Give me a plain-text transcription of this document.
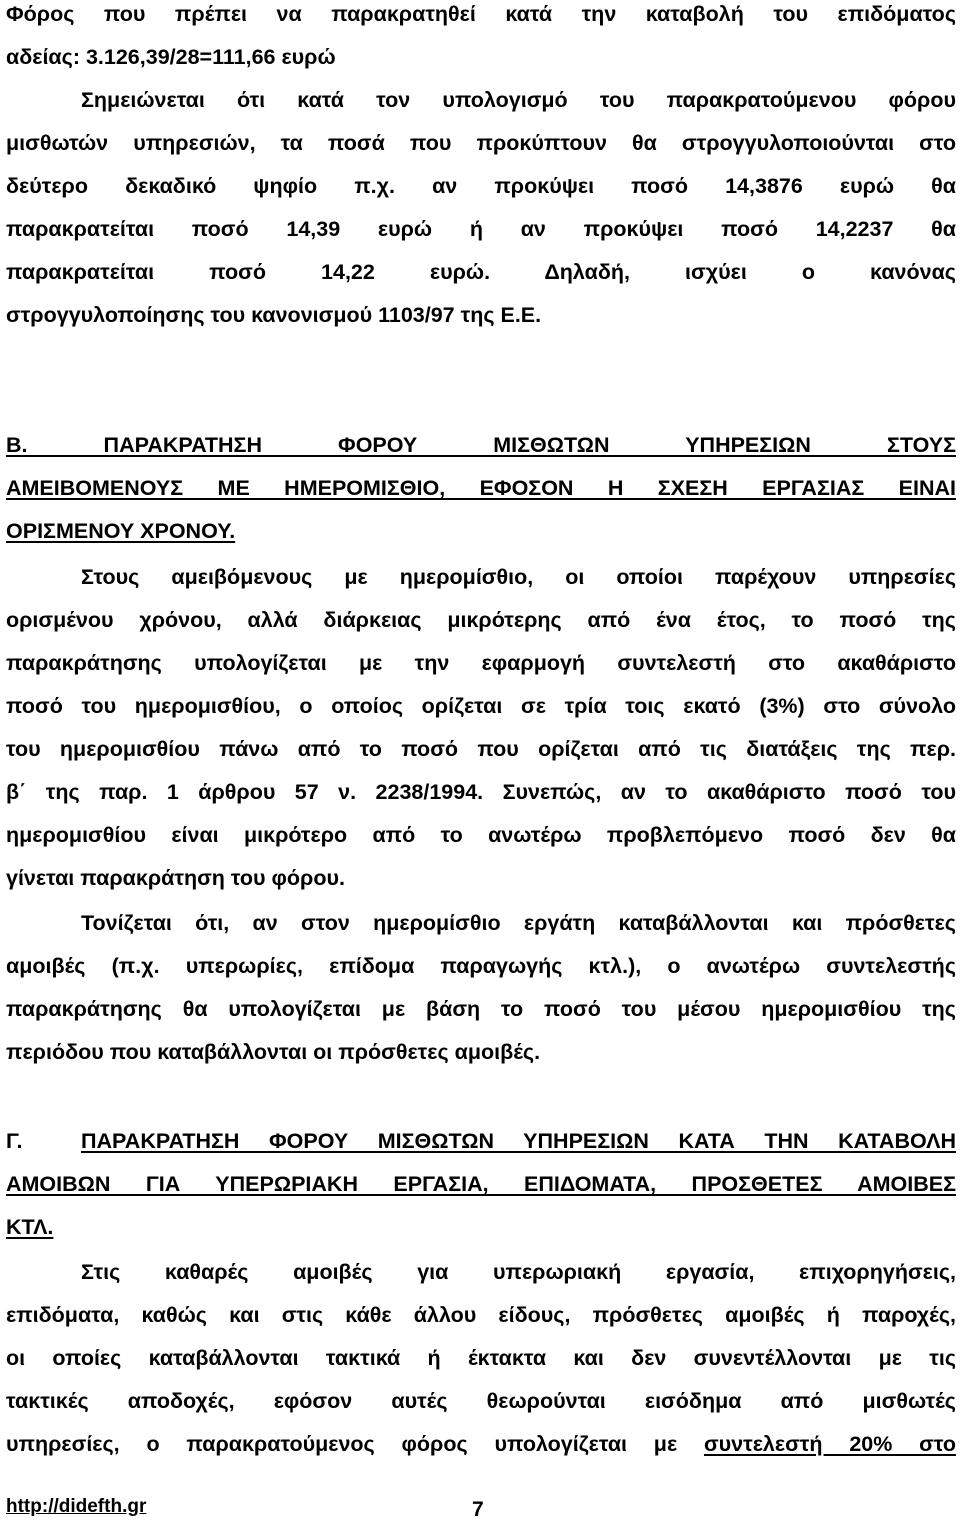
Φόρος που πρέπει να παρακρατηθεί κατά την καταβολή του επιδόματος
αδείας: 3.126,39/28=111,66 ευρώ
Σημειώνεται ότι κατά τον υπολογισμό του παρακρατούμενου φόρου
μισθωτών υπηρεσιών, τα ποσά που προκύπτουν θα στρογγυλοποιούνται στο
δεύτερο δεκαδικό ψηφίο π.χ. αν προκύψει ποσό 14,3876 ευρώ θα
παρακρατείται ποσό 14,39 ευρώ ή αν προκύψει ποσό 14,2237 θα
παρακρατείται ποσό 14,22 ευρώ. Δηλαδή, ισχύει ο κανόνας
στρογγυλοποίησης του κανονισμού 1103/97 της Ε.Ε.
Β. ΠΑΡΑΚΡΑΤΗΣΗ ΦΟΡΟΥ ΜΙΣΘΩΤΩΝ ΥΠΗΡΕΣΙΩΝ ΣΤΟΥΣ
ΑΜΕΙΒΟΜΕΝΟΥΣ ΜΕ ΗΜΕΡΟΜΙΣΘΙΟ, ΕΦΟΣΟΝ Η ΣΧΕΣΗ ΕΡΓΑΣΙΑΣ ΕΙΝΑΙ
ΟΡΙΣΜΕΝΟΥ ΧΡΟΝΟΥ.
Στους αμειβόμενους με ημερομίσθιο, οι οποίοι παρέχουν υπηρεσίες
ορισμένου χρόνου, αλλά διάρκειας μικρότερης από ένα έτος, το ποσό της
παρακράτησης υπολογίζεται με την εφαρμογή συντελεστή στο ακαθάριστο
ποσό του ημερομισθίου, ο οποίος ορίζεται σε τρία τοις εκατό (3%) στο σύνολο
του ημερομισθίου πάνω από το ποσό που ορίζεται από τις διατάξεις της περ.
β΄ της παρ. 1 άρθρου 57 ν. 2238/1994. Συνεπώς, αν το ακαθάριστο ποσό του
ημερομισθίου είναι μικρότερο από το ανωτέρω προβλεπόμενο ποσό δεν θα
γίνεται παρακράτηση του φόρου.
Τονίζεται ότι, αν στον ημερομίσθιο εργάτη καταβάλλονται και πρόσθετες
αμοιβές (π.χ. υπερωρίες, επίδομα παραγωγής κτλ.), ο ανωτέρω συντελεστής
παρακράτησης θα υπολογίζεται με βάση το ποσό του μέσου ημερομισθίου της
περιόδου που καταβάλλονται οι πρόσθετες αμοιβές.
Γ.	ΠΑΡΑΚΡΑΤΗΣΗ ΦΟΡΟΥ ΜΙΣΘΩΤΩΝ ΥΠΗΡΕΣΙΩΝ ΚΑΤΑ ΤΗΝ ΚΑΤΑΒΟΛΗ
ΑΜΟΙΒΩΝ ΓΙΑ ΥΠΕΡΩΡΙΑΚΗ ΕΡΓΑΣΙΑ, ΕΠΙΔΟΜΑΤΑ, ΠΡΟΣΘΕΤΕΣ ΑΜΟΙΒΕΣ
ΚΤΛ.
Στις καθαρές αμοιβές για υπερωριακή εργασία, επιχορηγήσεις,
επιδόματα, καθώς και στις κάθε άλλου είδους, πρόσθετες αμοιβές ή παροχές,
οι οποίες καταβάλλονται τακτικά ή έκτακτα και δεν συνεντέλλονται με τις
τακτικές αποδοχές, εφόσον αυτές θεωρούνται εισόδημα από μισθωτές
υπηρεσίες, ο παρακρατούμενος φόρος υπολογίζεται με συντελεστή 20% στο
http://didefth.gr	7
